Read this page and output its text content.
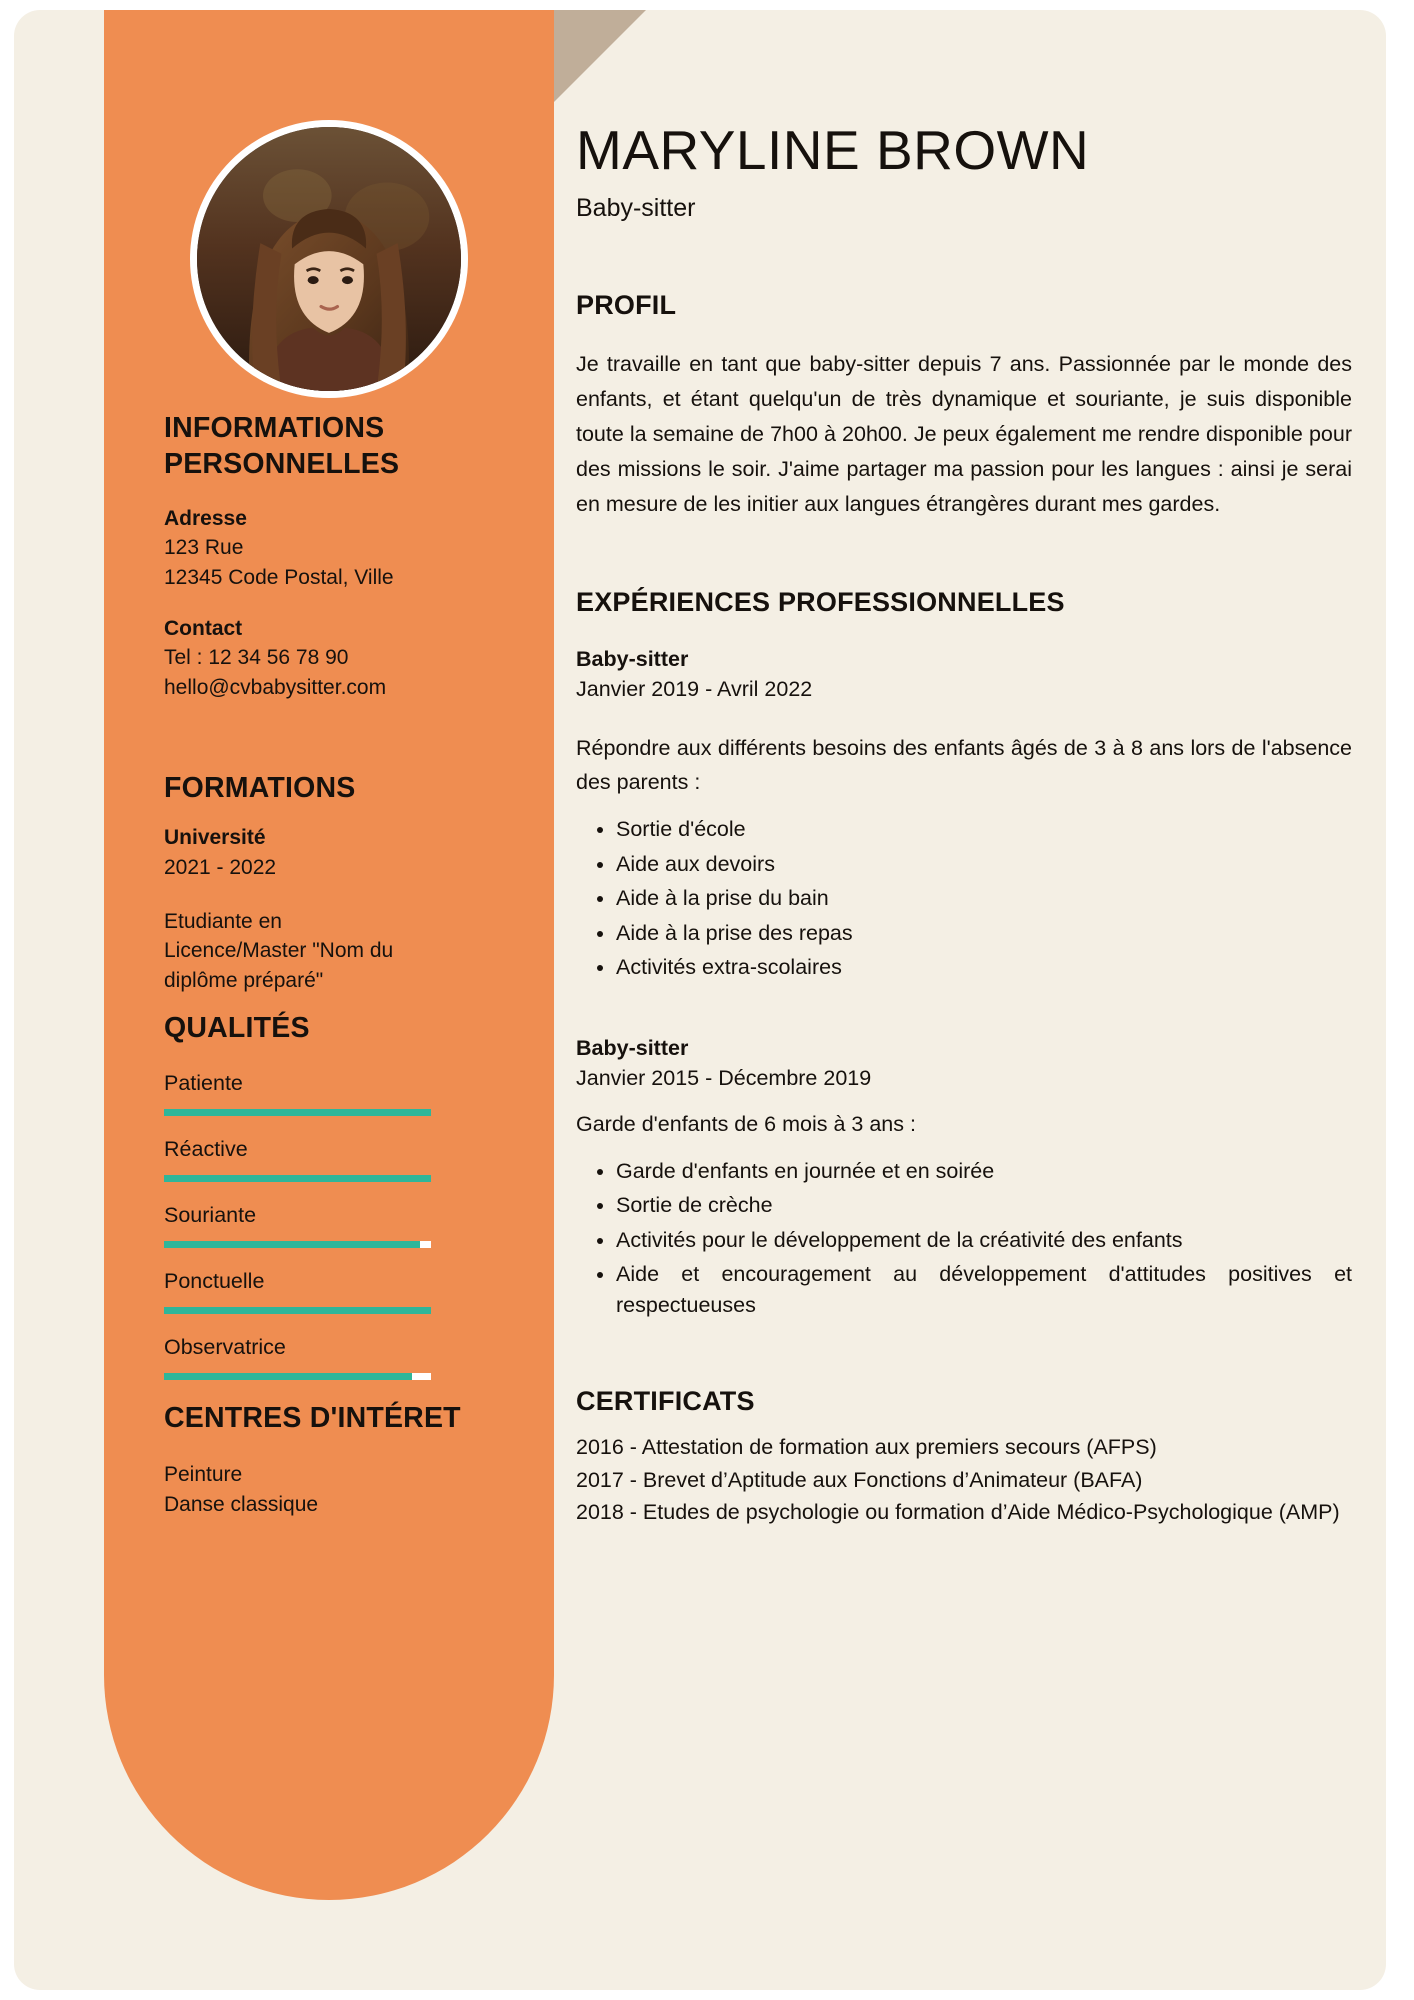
INFORMATIONS
PERSONNELLES
Adresse
123 Rue
12345 Code Postal, Ville
Contact
Tel : 12 34 56 78 90
hello@cvbabysitter.com
FORMATIONS
Université
2021 - 2022
Etudiante en
Licence/Master "Nom du
diplôme préparé"
QUALITÉS
Patiente
Réactive
Souriante
Ponctuelle
Observatrice
CENTRES D'INTÉRET
Peinture
Danse classique
MARYLINE BROWN
Baby-sitter
PROFIL

Je travaille en tant que baby-sitter depuis 7 ans. Passionnée par le monde des enfants, et étant quelqu'un de très dynamique et souriante, je suis disponible toute la semaine de 7h00 à 20h00. Je peux également me rendre disponible pour des missions le soir. J'aime partager ma passion pour les langues : ainsi je serai en mesure de les initier aux langues étrangères durant mes gardes.

EXPÉRIENCES PROFESSIONNELLES
Baby-sitter
Janvier 2019 - Avril 2022

Répondre aux différents besoins des enfants âgés de 3 à 8 ans lors de l'absence des parents :

• Sortie d'école
• Aide aux devoirs
• Aide à la prise du bain
• Aide à la prise des repas
• Activités extra-scolaires
Baby-sitter
Janvier 2015 - Décembre 2019

Garde d'enfants de 6 mois à 3 ans :

• Garde d'enfants en journée et en soirée
• Sortie de crèche
• Activités pour le développement de la créativité des enfants
• Aide et encouragement au développement d'attitudes positives et respectueuses
CERTIFICATS
2016 - Attestation de formation aux premiers secours (AFPS)
2017 - Brevet d’Aptitude aux Fonctions d’Animateur (BAFA)
2018 - Etudes de psychologie ou formation d’Aide Médico-Psychologique (AMP)
